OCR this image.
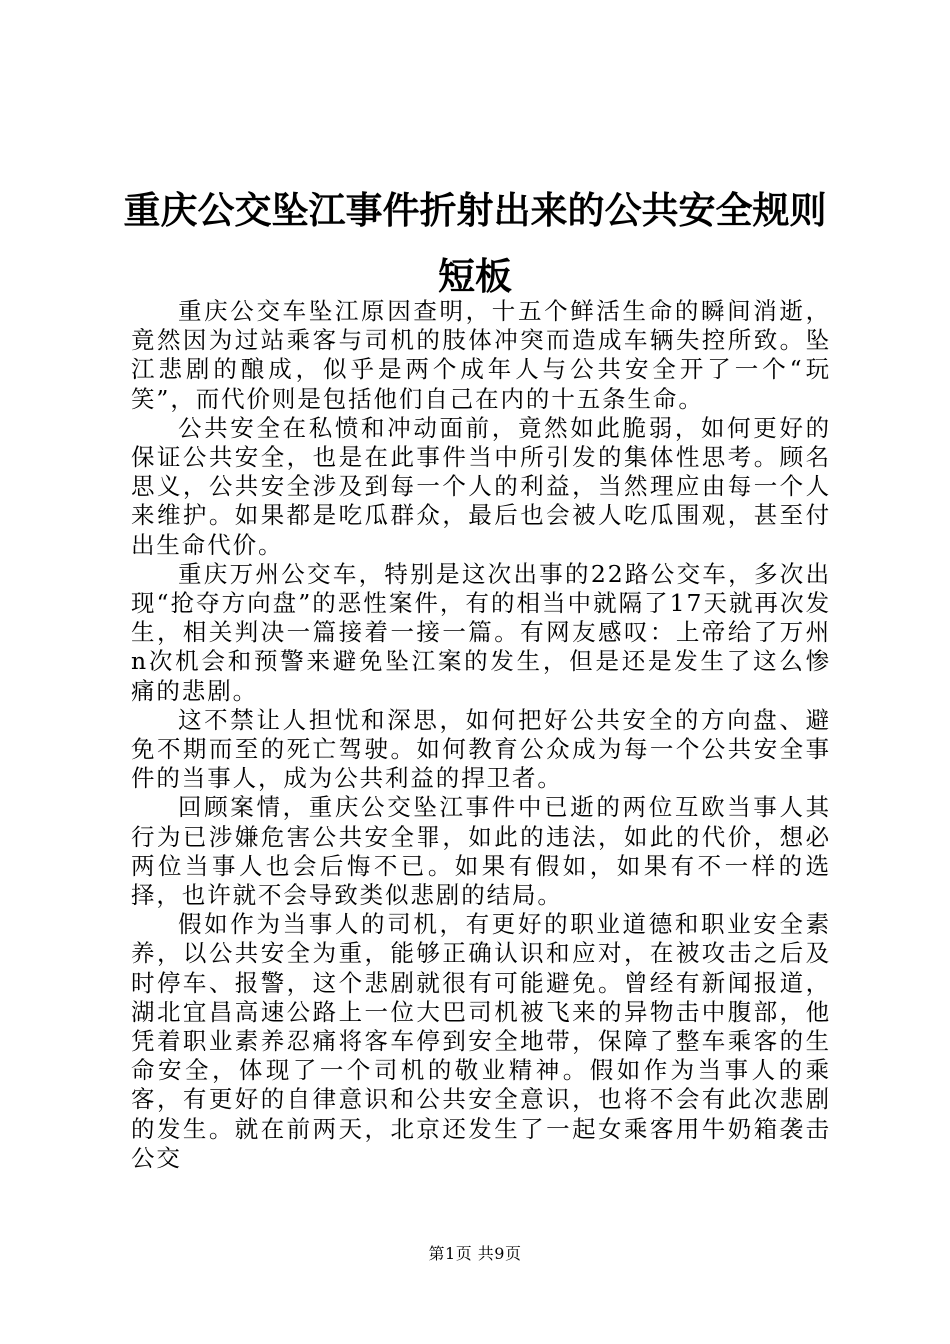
重庆公交坠江事件折射出来的公共安全规则短板

重庆公交车坠江原因查明，十五个鲜活生命的瞬间消逝，竟然因为过站乘客与司机的肢体冲突而造成车辆失控所致。坠江悲剧的酿成，似乎是两个成年人与公共安全开了一个“玩笑”，而代价则是包括他们自己在内的十五条生命。

公共安全在私愤和冲动面前，竟然如此脆弱，如何更好的保证公共安全，也是在此事件当中所引发的集体性思考。顾名思义，公共安全涉及到每一个人的利益，当然理应由每一个人来维护。如果都是吃瓜群众，最后也会被人吃瓜围观，甚至付出生命代价。

重庆万州公交车，特别是这次出事的22路公交车，多次出现“抢夺方向盘”的恶性案件，有的相当中就隔了17天就再次发生，相关判决一篇接着一接一篇。有网友感叹：上帝给了万州n次机会和预警来避免坠江案的发生，但是还是发生了这么惨痛的悲剧。

这不禁让人担忧和深思，如何把好公共安全的方向盘、避免不期而至的死亡驾驶。如何教育公众成为每一个公共安全事件的当事人，成为公共利益的捍卫者。

回顾案情，重庆公交坠江事件中已逝的两位互欧当事人其行为已涉嫌危害公共安全罪，如此的违法，如此的代价，想必两位当事人也会后悔不已。如果有假如，如果有不一样的选择，也许就不会导致类似悲剧的结局。

假如作为当事人的司机，有更好的职业道德和职业安全素养，以公共安全为重，能够正确认识和应对，在被攻击之后及时停车、报警，这个悲剧就很有可能避免。曾经有新闻报道，湖北宜昌高速公路上一位大巴司机被飞来的异物击中腹部，他凭着职业素养忍痛将客车停到安全地带，保障了整车乘客的生命安全，体现了一个司机的敬业精神。假如作为当事人的乘客，有更好的自律意识和公共安全意识，也将不会有此次悲剧的发生。就在前两天，北京还发生了一起女乘客用牛奶箱袭击公交

第1页 共9页
